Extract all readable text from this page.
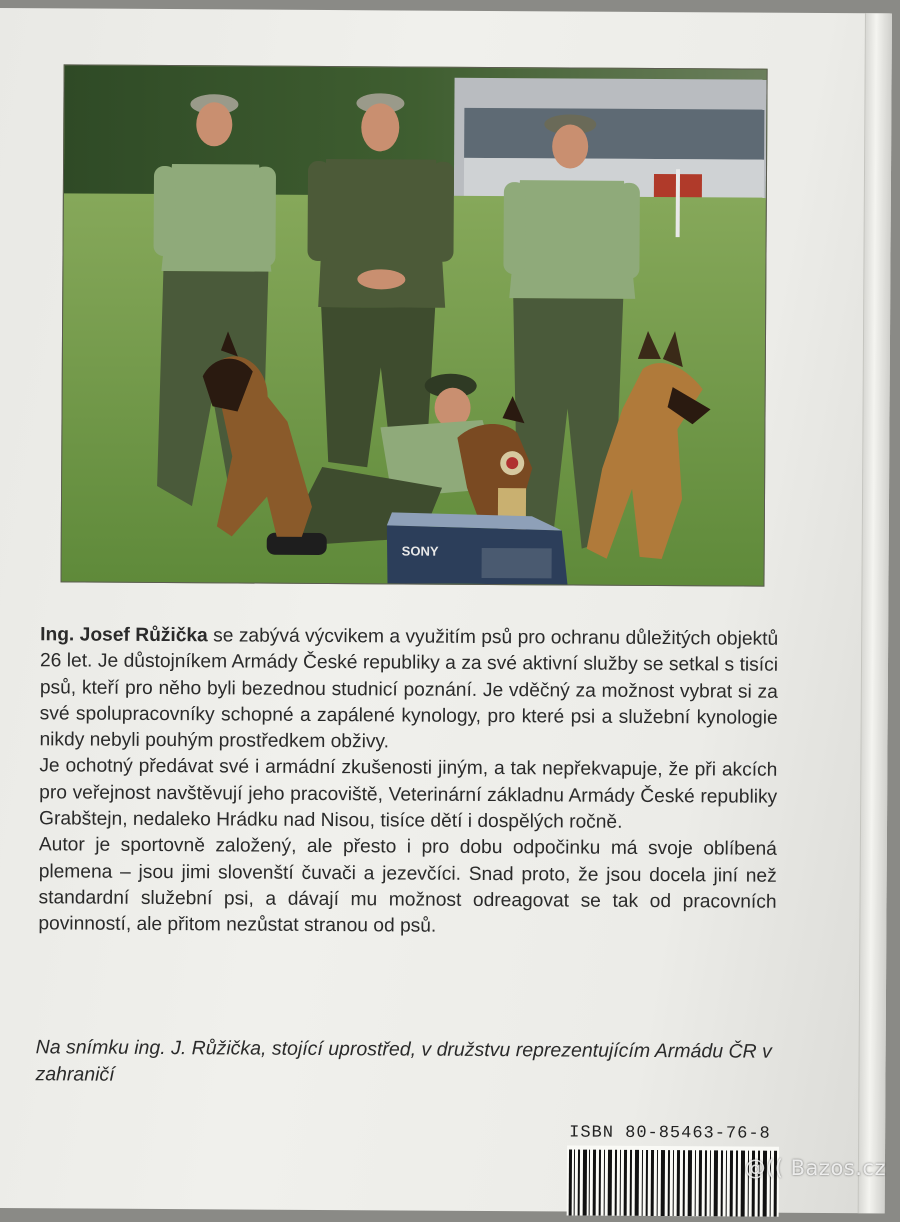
SONY

Ing. Josef Růžička se zabývá výcvikem a využitím psů pro ochranu důležitých objektů 26 let. Je důstojníkem Armády České republiky a za své aktivní služby se setkal s tisíci psů, kteří pro něho byli bezednou studnicí poznání. Je vděčný za možnost vybrat si za své spolupracovníky schopné a zapálené kynology, pro které psi a služební kynologie nikdy nebyli pouhým prostředkem obživy.

Je ochotný předávat své i armádní zkušenosti jiným, a tak nepřekvapuje, že při akcích pro veřejnost navštěvují jeho pracoviště, Veterinární základnu Armády České republiky Grabštejn, nedaleko Hrádku nad Nisou, tisíce dětí i dospělých ročně.

Autor je sportovně založený, ale přesto i pro dobu odpočinku má svoje oblíbená plemena – jsou jimi slovenští čuvači a jezevčíci. Snad proto, že jsou docela jiní než standardní služební psi, a dávají mu možnost odreagovat se tak od pracovních povinností, ale přitom nezůstat stranou od psů.

Na snímku ing. J. Růžička, stojící uprostřed, v družstvu reprezentujícím Armádu ČR v zahraničí
ISBN 80-85463-76-8
@(( Bazos.cz
